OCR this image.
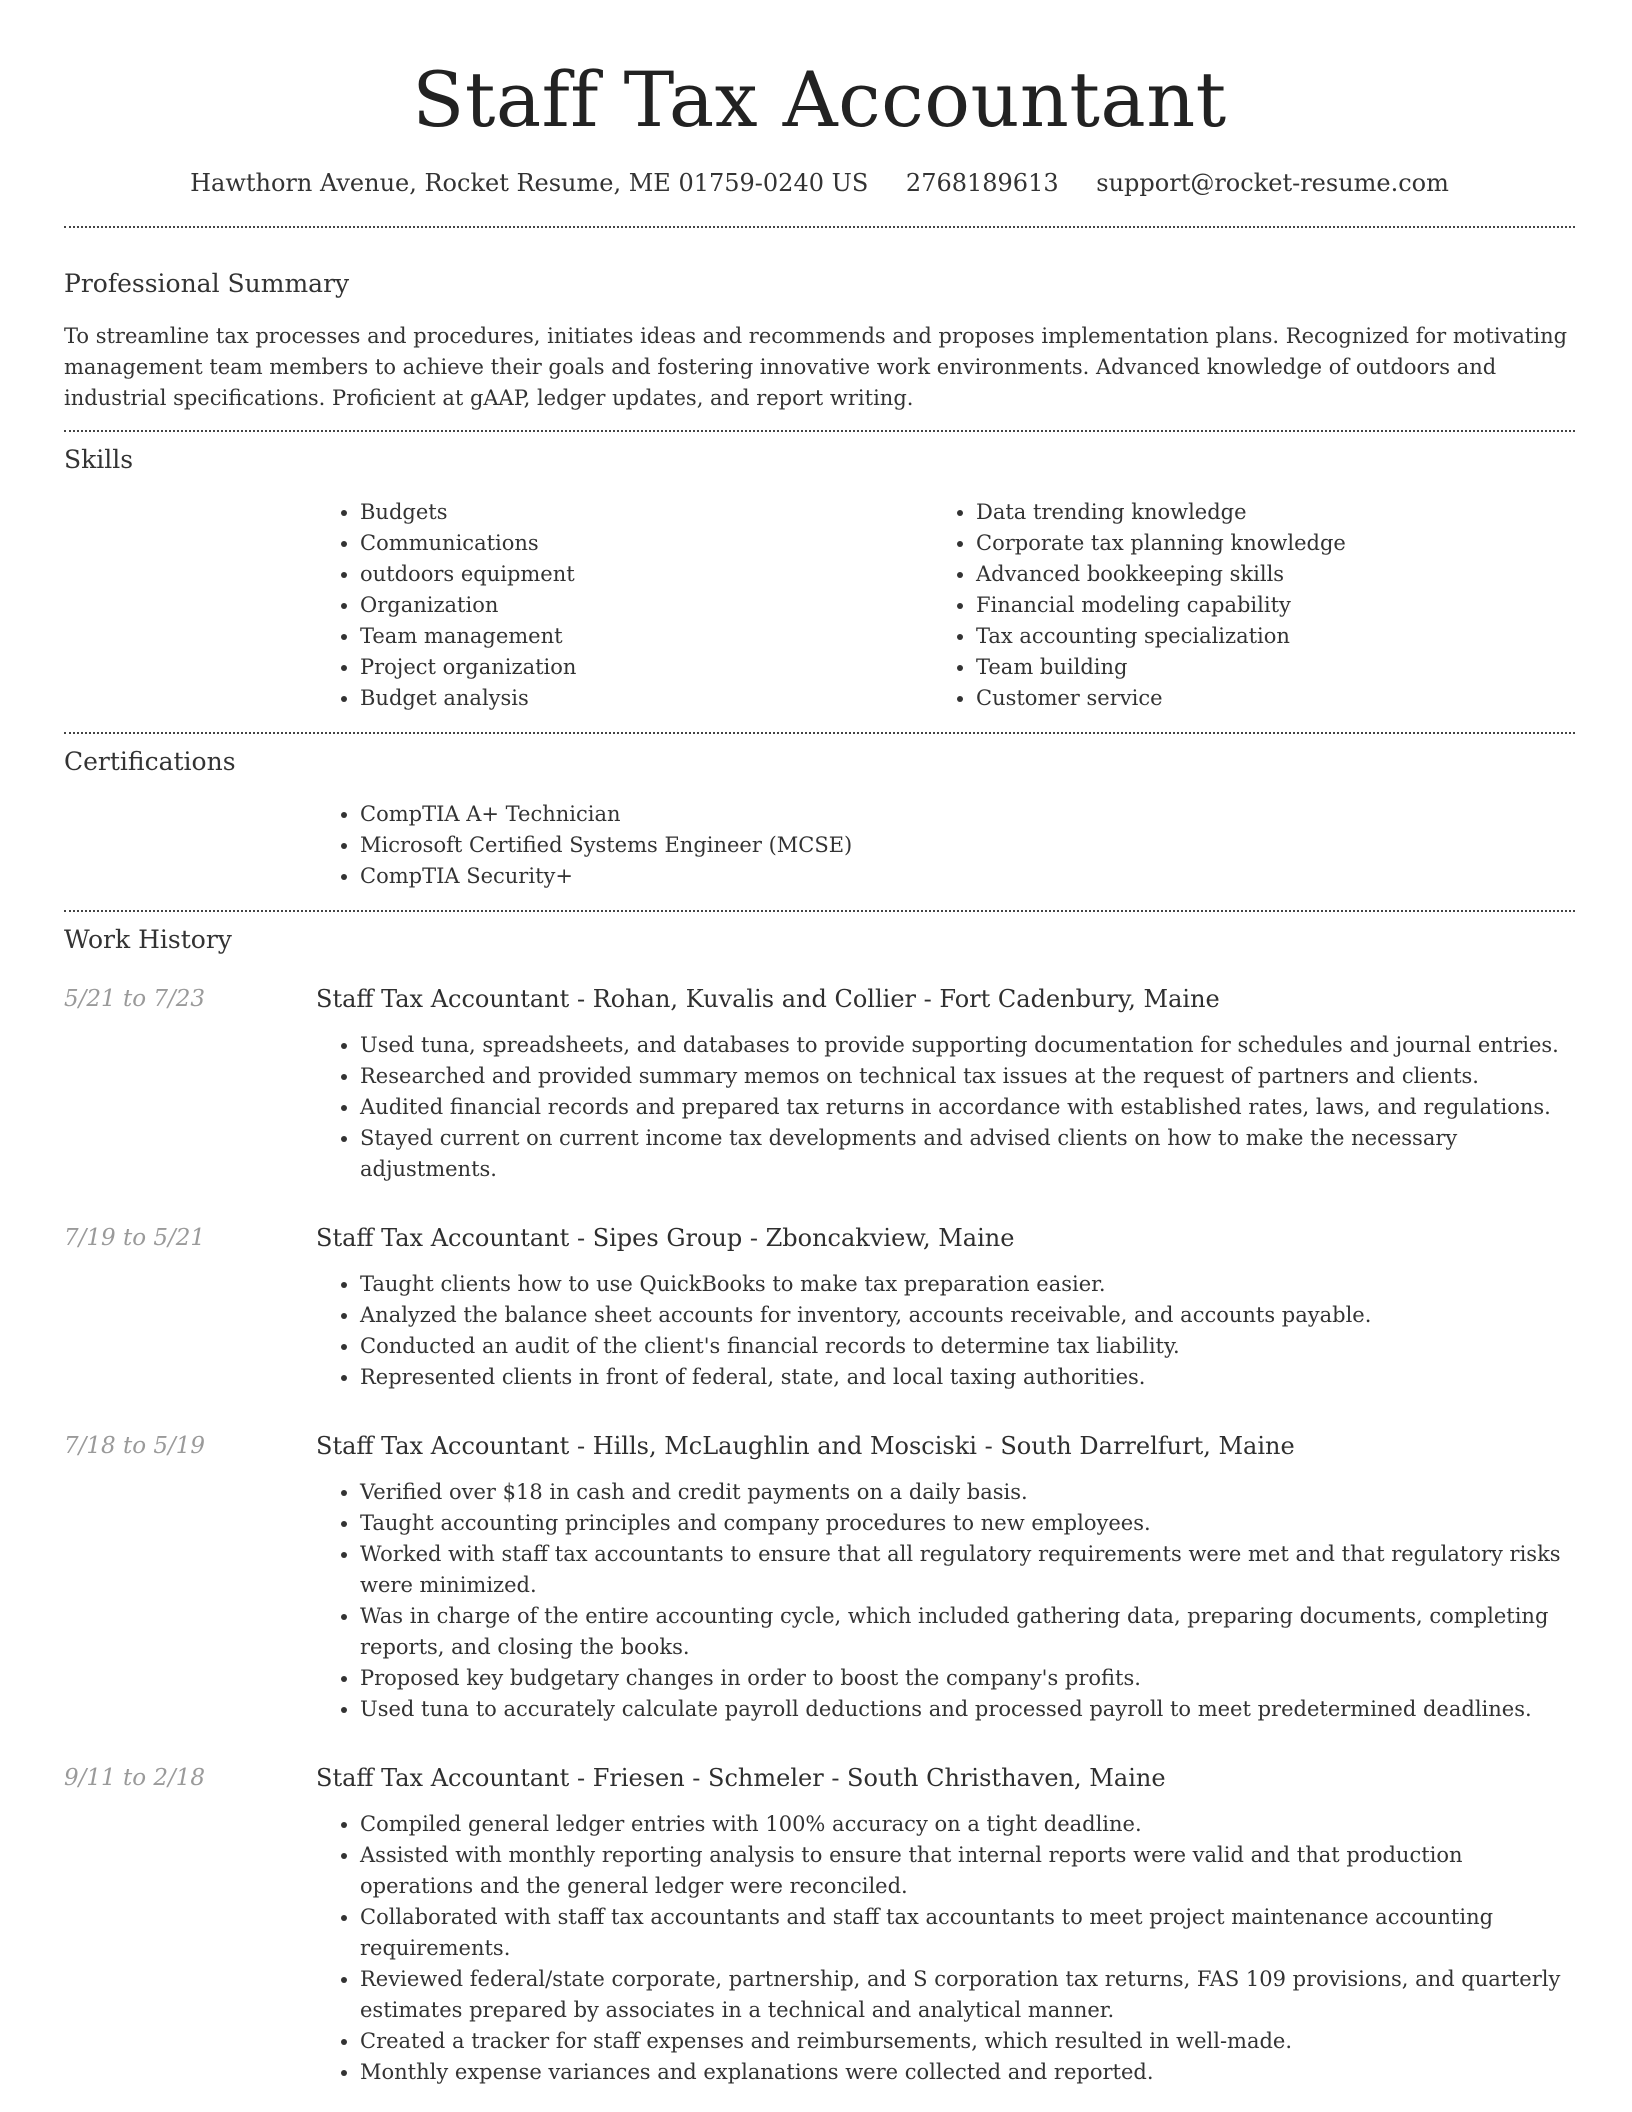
Staff Tax Accountant
Hawthorn Avenue, Rocket Resume, ME 01759-0240 US 2768189613 support@rocket-resume.com
Professional Summary

To streamline tax processes and procedures, initiates ideas and recommends and proposes implementation plans. Recognized for motivating management team members to achieve their goals and fostering innovative work environments. Advanced knowledge of outdoors and industrial specifications. Proficient at gAAP, ledger updates, and report writing.

Skills
• Budgets
• Communications
• outdoors equipment
• Organization
• Team management
• Project organization
• Budget analysis
• Data trending knowledge
• Corporate tax planning knowledge
• Advanced bookkeeping skills
• Financial modeling capability
• Tax accounting specialization
• Team building
• Customer service
Certifications
• CompTIA A+ Technician
• Microsoft Certified Systems Engineer (MCSE)
• CompTIA Security+
Work History
5/21 to 7/23	Staff Tax Accountant - Rohan, Kuvalis and Collier - Fort Cadenbury, Maine
• Used tuna, spreadsheets, and databases to provide supporting documentation for schedules and journal entries.
• Researched and provided summary memos on technical tax issues at the request of partners and clients.
• Audited financial records and prepared tax returns in accordance with established rates, laws, and regulations.
• Stayed current on current income tax developments and advised clients on how to make the necessary adjustments.
7/19 to 5/21	Staff Tax Accountant - Sipes Group - Zboncakview, Maine
• Taught clients how to use QuickBooks to make tax preparation easier.
• Analyzed the balance sheet accounts for inventory, accounts receivable, and accounts payable.
• Conducted an audit of the client's financial records to determine tax liability.
• Represented clients in front of federal, state, and local taxing authorities.
7/18 to 5/19	Staff Tax Accountant - Hills, McLaughlin and Mosciski - South Darrelfurt, Maine
• Verified over $18 in cash and credit payments on a daily basis.
• Taught accounting principles and company procedures to new employees.
• Worked with staff tax accountants to ensure that all regulatory requirements were met and that regulatory risks were minimized.
• Was in charge of the entire accounting cycle, which included gathering data, preparing documents, completing reports, and closing the books.
• Proposed key budgetary changes in order to boost the company's profits.
• Used tuna to accurately calculate payroll deductions and processed payroll to meet predetermined deadlines.
9/11 to 2/18	Staff Tax Accountant - Friesen - Schmeler - South Christhaven, Maine
• Compiled general ledger entries with 100% accuracy on a tight deadline.
• Assisted with monthly reporting analysis to ensure that internal reports were valid and that production operations and the general ledger were reconciled.
• Collaborated with staff tax accountants and staff tax accountants to meet project maintenance accounting requirements.
• Reviewed federal/state corporate, partnership, and S corporation tax returns, FAS 109 provisions, and quarterly estimates prepared by associates in a technical and analytical manner.
• Created a tracker for staff expenses and reimbursements, which resulted in well-made.
• Monthly expense variances and explanations were collected and reported.
